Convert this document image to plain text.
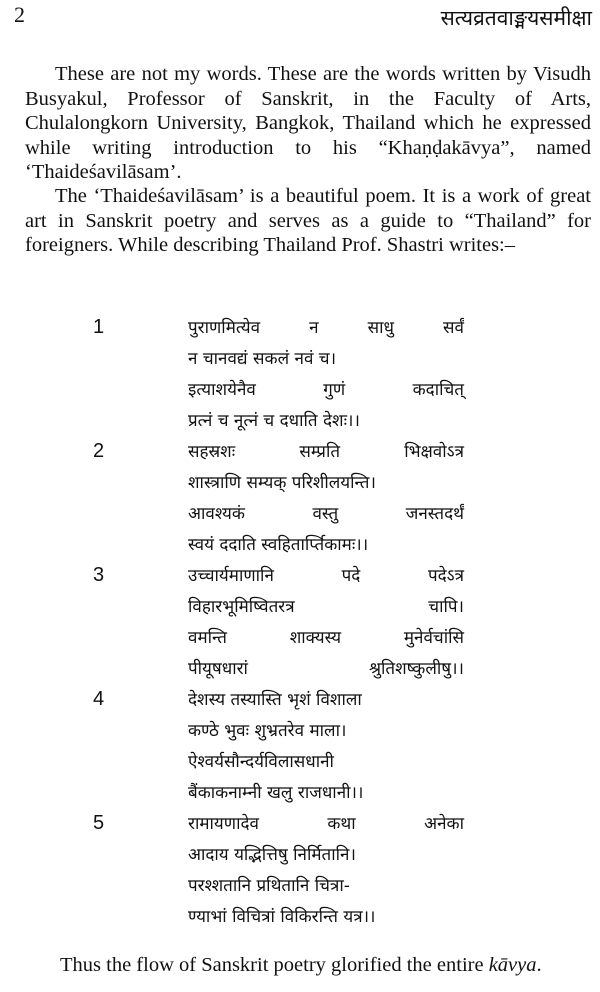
2	सत्यव्रतवाङ्मयसमीक्षा

These are not my words. These are the words written by Visudh Busyakul, Professor of Sanskrit, in the Faculty of Arts, Chulalongkorn University, Bangkok, Thailand which he expressed while writing introduction to his “Khaṇḍakāvya”, named ‘Thaideśavilāsam’.

The ‘Thaideśavilāsam’ is a beautiful poem. It is a work of great art in Sanskrit poetry and serves as a guide to “Thailand” for foreigners. While describing Thailand Prof. Shastri writes:–

1	पुराणमित्येव	न	साधु	सर्वं
न चानवद्यं सकलं नवं च।
इत्याशयेनैव	गुणं	कदाचित्
प्रत्नं च नूत्नं च दधाति देशः।।
2	सहस्रशः	सम्प्रति	भिक्षवोऽत्र
शास्त्राणि सम्यक् परिशीलयन्ति।
आवश्यकं	वस्तु	जनस्तदर्थं
स्वयं ददाति स्वहितार्प्तिकामः।।
3	उच्चार्यमाणानि	पदे	पदेऽत्र
विहारभूमिष्वितरत्र	चापि।
वमन्ति	शाक्यस्य	मुनेर्वचांसि
पीयूषधारां	श्रुतिशष्कुलीषु।।
4	देशस्य तस्यास्ति भृशं विशाला
कण्ठे भुवः शुभ्रतरेव माला।
ऐश्वर्यसौन्दर्यविलासधानी
बैंकाकनाम्नी खलु राजधानी।।
5	रामायणादेव	कथा	अनेका
आदाय यद्भित्तिषु निर्मितानि।
परश्शतानि प्रथितानि चित्रा-
ण्याभां विचित्रां विकिरन्ति यत्र।।

Thus the flow of Sanskrit poetry glorified the entire kāvya.
